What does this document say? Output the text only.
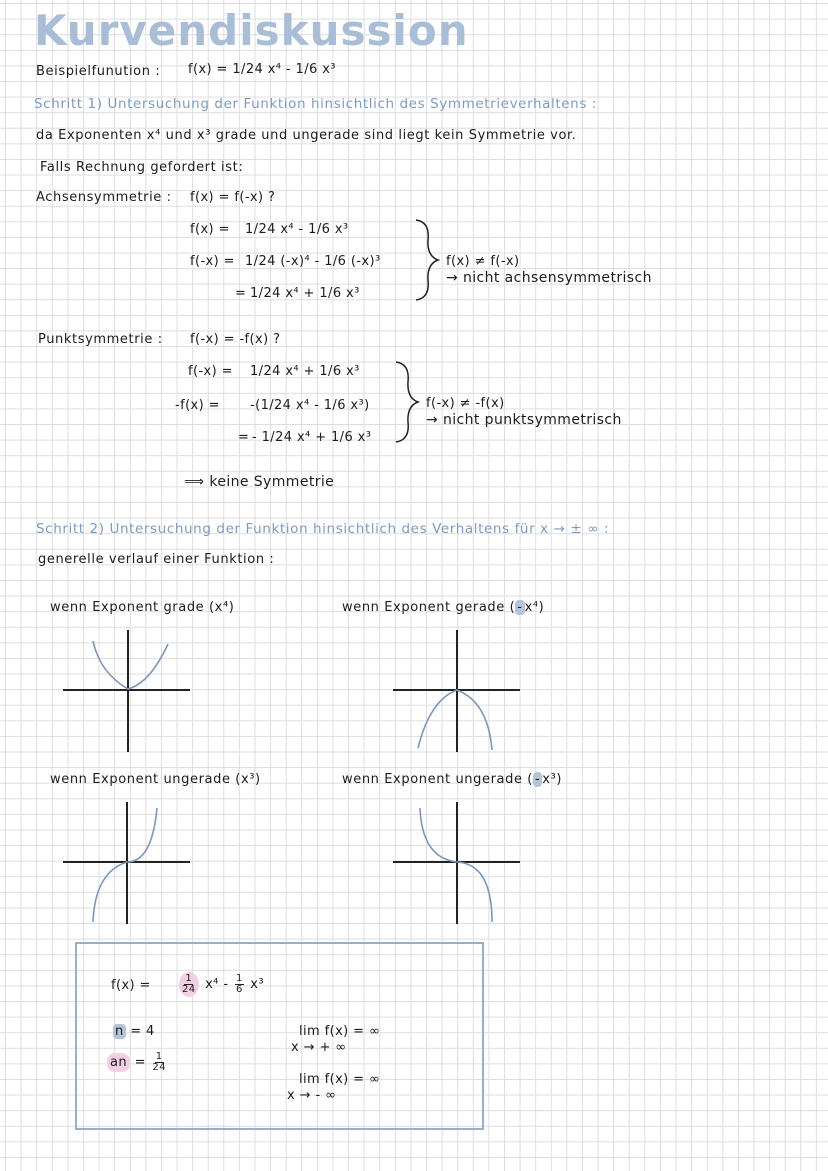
Kurvendiskussion
Beispielfunution : f(x) = 1/24 x⁴ - 1/6 x³
Schritt 1) Untersuchung der Funktion hinsichtlich des Symmetrieverhaltens :
da Exponenten x⁴ und x³ grade und ungerade sind liegt kein Symmetrie vor.
Falls Rechnung gefordert ist:
Achsensymmetrie : f(x) = f(-x) ?
f(x) = 1/24 x⁴ - 1/6 x³
f(-x) = 1/24 (-x)⁴ - 1/6 (-x)³
= 1/24 x⁴ + 1/6 x³
f(x) ≠ f(-x)
→ nicht achsensymmetrisch
Punktsymmetrie : f(-x) = -f(x) ?
f(-x) = 1/24 x⁴ + 1/6 x³
-f(x) = -(1/24 x⁴ - 1/6 x³)
= - 1/24 x⁴ + 1/6 x³
f(-x) ≠ -f(x)
→ nicht punktsymmetrisch
⟹ keine Symmetrie
Schritt 2) Untersuchung der Funktion hinsichtlich des Verhaltens für x → ± ∞ :
generelle verlauf einer Funktion :
wenn Exponent grade (x⁴)	wenn Exponent gerade ( - x⁴)
wenn Exponent ungerade (x³)	wenn Exponent ungerade ( - x³)
f(x) =	$\frac{1}{24} x^4 - \frac{1}{6} x^3$
n = 4
an = $\frac{1}{24}$
lim f(x) = ∞
x → + ∞
lim f(x) = ∞
x → - ∞
